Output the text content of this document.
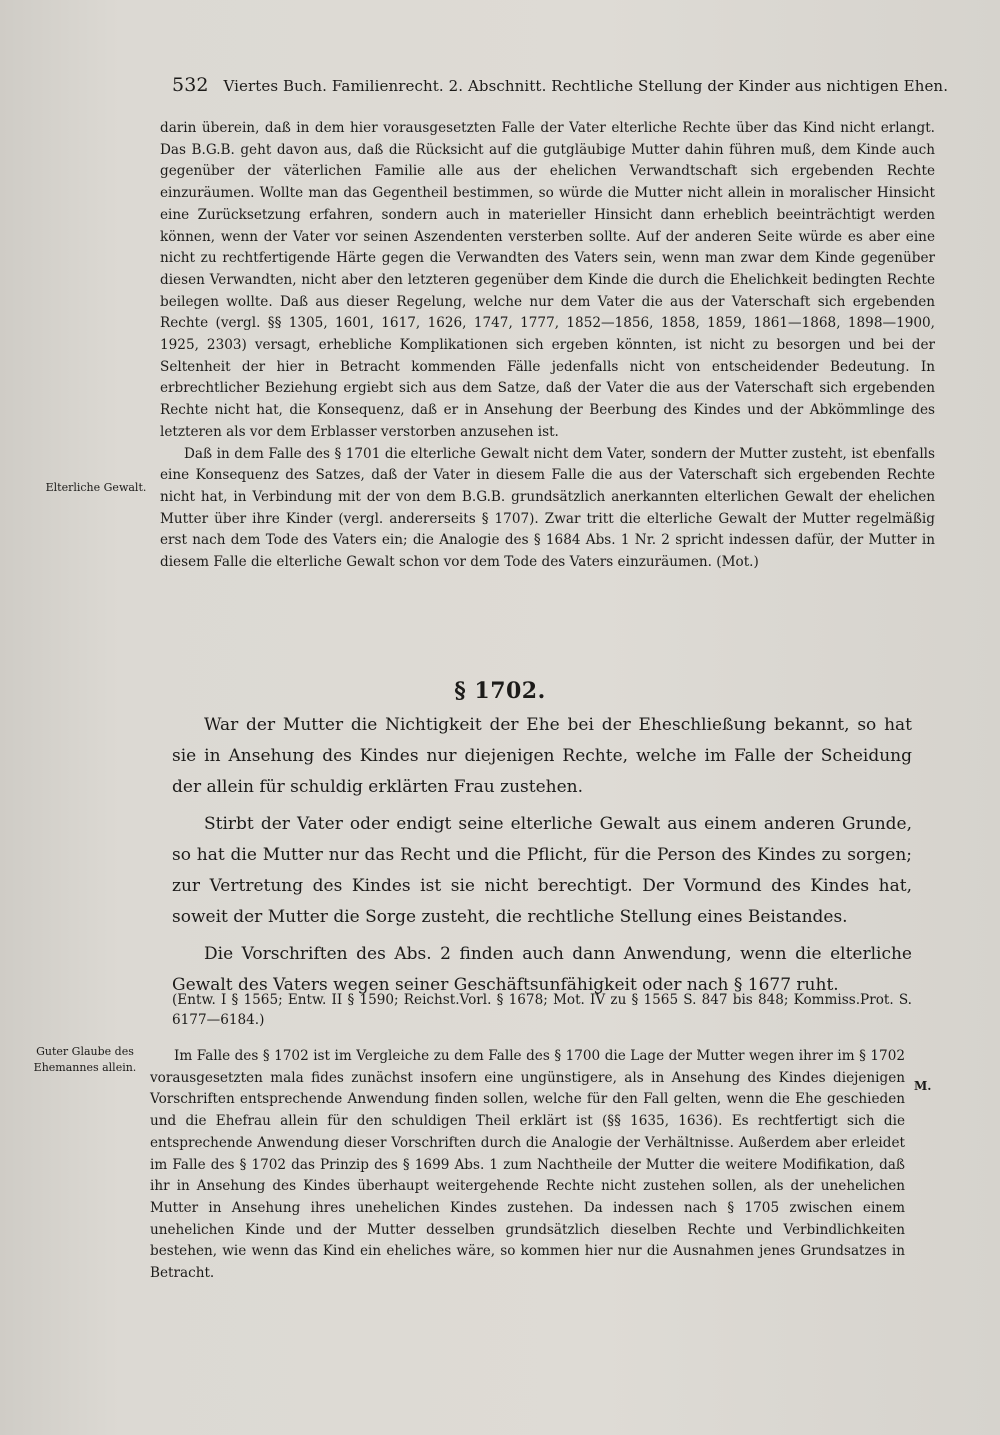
532 Viertes Buch. Familienrecht. 2. Abschnitt. Rechtliche Stellung der Kinder aus nichtigen Ehen.

darin überein, daß in dem hier vorausgesetzten Falle der Vater elterliche Rechte über das Kind nicht erlangt. Das B.G.B. geht davon aus, daß die Rücksicht auf die gutgläubige Mutter dahin führen muß, dem Kinde auch gegenüber der väterlichen Familie alle aus der ehelichen Verwandtschaft sich ergebenden Rechte einzuräumen. Wollte man das Gegentheil bestimmen, so würde die Mutter nicht allein in moralischer Hinsicht eine Zurücksetzung erfahren, sondern auch in materieller Hinsicht dann erheblich beeinträchtigt werden können, wenn der Vater vor seinen Aszendenten versterben sollte. Auf der anderen Seite würde es aber eine nicht zu rechtfertigende Härte gegen die Verwandten des Vaters sein, wenn man zwar dem Kinde gegenüber diesen Verwandten, nicht aber den letzteren gegenüber dem Kinde die durch die Ehelichkeit bedingten Rechte beilegen wollte. Daß aus dieser Regelung, welche nur dem Vater die aus der Vaterschaft sich ergebenden Rechte (vergl. §§ 1305, 1601, 1617, 1626, 1747, 1777, 1852—1856, 1858, 1859, 1861—1868, 1898—1900, 1925, 2303) versagt, erhebliche Komplikationen sich ergeben könnten, ist nicht zu besorgen und bei der Seltenheit der hier in Betracht kommenden Fälle jedenfalls nicht von entscheidender Bedeutung. In erbrechtlicher Beziehung ergiebt sich aus dem Satze, daß der Vater die aus der Vaterschaft sich ergebenden Rechte nicht hat, die Konsequenz, daß er in Ansehung der Beerbung des Kindes und der Abkömmlinge des letzteren als vor dem Erblasser verstorben anzusehen ist.

Daß in dem Falle des § 1701 die elterliche Gewalt nicht dem Vater, sondern der Mutter zusteht, ist ebenfalls eine Konsequenz des Satzes, daß der Vater in diesem Falle die aus der Vaterschaft sich ergebenden Rechte nicht hat, in Verbindung mit der von dem B.G.B. grundsätzlich anerkannten elterlichen Gewalt der ehelichen Mutter über ihre Kinder (vergl. andererseits § 1707). Zwar tritt die elterliche Gewalt der Mutter regelmäßig erst nach dem Tode des Vaters ein; die Analogie des § 1684 Abs. 1 Nr. 2 spricht indessen dafür, der Mutter in diesem Falle die elterliche Gewalt schon vor dem Tode des Vaters einzuräumen. (Mot.)

Elterliche Gewalt.
§ 1702.

War der Mutter die Nichtigkeit der Ehe bei der Eheschließung bekannt, so hat sie in Ansehung des Kindes nur diejenigen Rechte, welche im Falle der Scheidung der allein für schuldig erklärten Frau zustehen.

Stirbt der Vater oder endigt seine elterliche Gewalt aus einem anderen Grunde, so hat die Mutter nur das Recht und die Pflicht, für die Person des Kindes zu sorgen; zur Vertretung des Kindes ist sie nicht berechtigt. Der Vormund des Kindes hat, soweit der Mutter die Sorge zusteht, die rechtliche Stellung eines Beistandes.

Die Vorschriften des Abs. 2 finden auch dann Anwendung, wenn die elterliche Gewalt des Vaters wegen seiner Geschäftsunfähigkeit oder nach § 1677 ruht.

(Entw. I § 1565; Entw. II § 1590; Reichst.Vorl. § 1678; Mot. IV zu § 1565 S. 847 bis 848; Kommiss.Prot. S. 6177—6184.)

Guter Glaube des Ehemannes allein.
M.

Im Falle des § 1702 ist im Vergleiche zu dem Falle des § 1700 die Lage der Mutter wegen ihrer im § 1702 vorausgesetzten mala fides zunächst insofern eine ungünstigere, als in Ansehung des Kindes diejenigen Vorschriften entsprechende Anwendung finden sollen, welche für den Fall gelten, wenn die Ehe geschieden und die Ehefrau allein für den schuldigen Theil erklärt ist (§§ 1635, 1636). Es rechtfertigt sich die entsprechende Anwendung dieser Vorschriften durch die Analogie der Verhältnisse. Außerdem aber erleidet im Falle des § 1702 das Prinzip des § 1699 Abs. 1 zum Nachtheile der Mutter die weitere Modifikation, daß ihr in Ansehung des Kindes überhaupt weitergehende Rechte nicht zustehen sollen, als der unehelichen Mutter in Ansehung ihres unehelichen Kindes zustehen. Da indessen nach § 1705 zwischen einem unehelichen Kinde und der Mutter desselben grundsätzlich dieselben Rechte und Verbindlichkeiten bestehen, wie wenn das Kind ein eheliches wäre, so kommen hier nur die Ausnahmen jenes Grundsatzes in Betracht.
